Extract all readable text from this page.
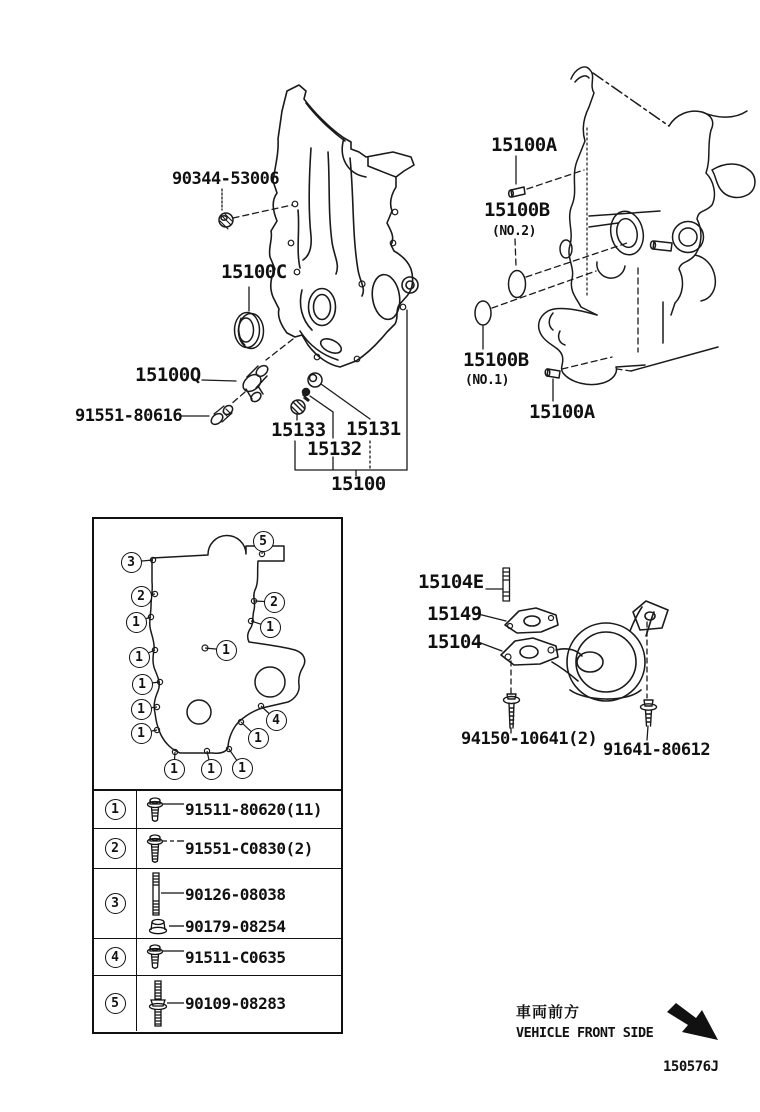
90344-53006
15100C
15100Q
91551-80616
15133 15131
15132
15100
15100A
15100B
(NO.2)
15100B
(NO.1)
15100A
15104E
15149
15104
94150-10641(2)
91641-80612
5
3
2
1
1
1
1
1
2
1
1
4
1
1	1	1
1	91511-80620(11)
2	91551-C0830(2)
3	90126-08038
90179-08254
4	91511-C0635
5	90109-08283	車両前方
VEHICLE FRONT SIDE
150576J
